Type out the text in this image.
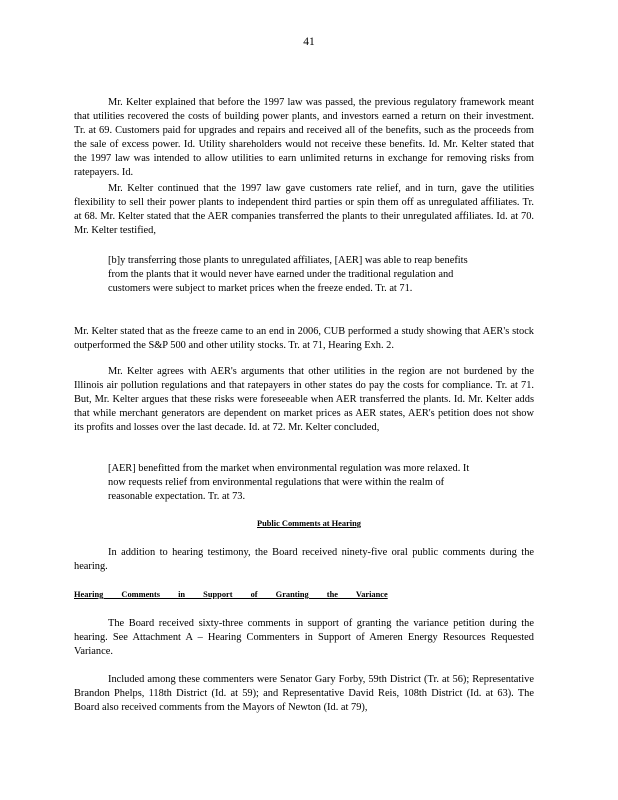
41

Mr. Kelter explained that before the 1997 law was passed, the previous regulatory framework meant that utilities recovered the costs of building power plants, and investors earned a return on their investment. Tr. at 69. Customers paid for upgrades and repairs and received all of the benefits, such as the proceeds from the sale of excess power. Id. Utility shareholders would not receive these benefits. Id. Mr. Kelter stated that the 1997 law was intended to allow utilities to earn unlimited returns in exchange for removing risks from ratepayers. Id.

Mr. Kelter continued that the 1997 law gave customers rate relief, and in turn, gave the utilities flexibility to sell their power plants to independent third parties or spin them off as unregulated affiliates. Tr. at 68. Mr. Kelter stated that the AER companies transferred the plants to their unregulated affiliates. Id. at 70. Mr. Kelter testified,

[b]y transferring those plants to unregulated affiliates, [AER] was able to reap benefits from the plants that it would never have earned under the traditional regulation and customers were subject to market prices when the freeze ended. Tr. at 71.

Mr. Kelter stated that as the freeze came to an end in 2006, CUB performed a study showing that AER's stock outperformed the S&P 500 and other utility stocks. Tr. at 71, Hearing Exh. 2.

Mr. Kelter agrees with AER's arguments that other utilities in the region are not burdened by the Illinois air pollution regulations and that ratepayers in other states do pay the costs for compliance. Tr. at 71. But, Mr. Kelter argues that these risks were foreseeable when AER transferred the plants. Id. Mr. Kelter adds that while merchant generators are dependent on market prices as AER states, AER's petition does not show its profits and losses over the last decade. Id. at 72. Mr. Kelter concluded,

[AER] benefitted from the market when environmental regulation was more relaxed. It now requests relief from environmental regulations that were within the realm of reasonable expectation. Tr. at 73.

Public Comments at Hearing

In addition to hearing testimony, the Board received ninety-five oral public comments during the hearing.

Hearing Comments in Support of Granting the Variance

The Board received sixty-three comments in support of granting the variance petition during the hearing. See Attachment A – Hearing Commenters in Support of Ameren Energy Resources Requested Variance.

Included among these commenters were Senator Gary Forby, 59th District (Tr. at 56); Representative Brandon Phelps, 118th District (Id. at 59); and Representative David Reis, 108th District (Id. at 63). The Board also received comments from the Mayors of Newton (Id. at 79),
